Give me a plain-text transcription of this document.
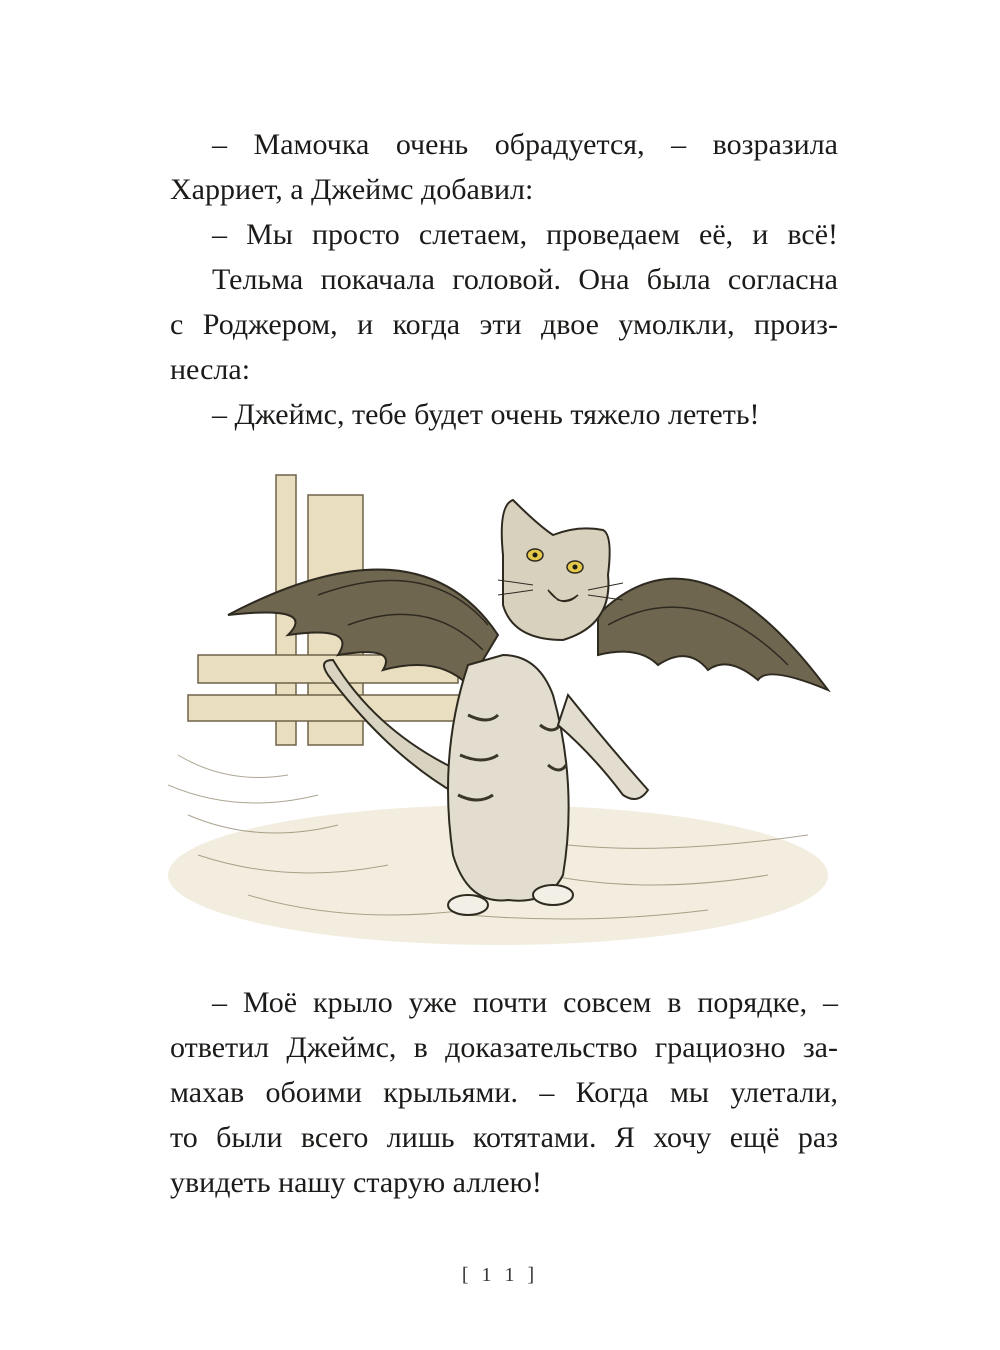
– Мамочка очень обрадуется, – возразила
Харриет, а Джеймс добавил:
– Мы просто слетаем, проведаем её, и всё!
Тельма покачала головой. Она была согласна
с Роджером, и когда эти двое умолкли, произ-
несла:
– Джеймс, тебе будет очень тяжело лететь!
– Моё крыло уже почти совсем в порядке, –
ответил Джеймс, в доказательство грациозно за-
махав обоими крыльями. – Когда мы улетали,
то были всего лишь котятами. Я хочу ещё раз
увидеть нашу старую аллею!
[ 1 1 ]
